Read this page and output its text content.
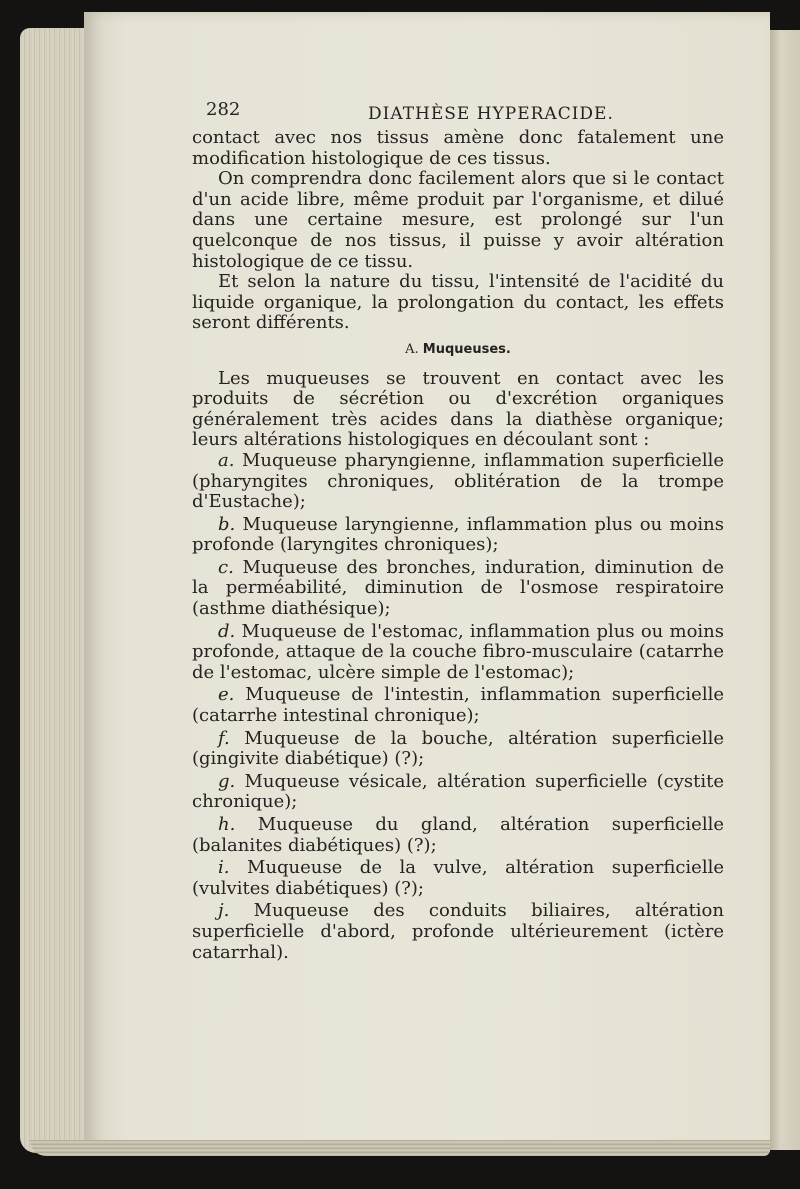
282	DIATHÈSE HYPERACIDE.

contact avec nos tissus amène donc fatalement une modification histologique de ces tissus.

On comprendra donc facilement alors que si le contact d'un acide libre, même produit par l'organisme, et dilué dans une certaine mesure, est prolongé sur l'un quelconque de nos tissus, il puisse y avoir altération histologique de ce tissu.

Et selon la nature du tissu, l'intensité de l'acidité du liquide organique, la prolongation du contact, les effets seront différents.

A. Muqueuses.

Les muqueuses se trouvent en contact avec les produits de sécrétion ou d'excrétion organiques généralement très acides dans la diathèse organique; leurs altérations histologiques en découlant sont :

a. Muqueuse pharyngienne, inflammation superficielle (pharyngites chroniques, oblitération de la trompe d'Eustache);

b. Muqueuse laryngienne, inflammation plus ou moins profonde (laryngites chroniques);

c. Muqueuse des bronches, induration, diminution de la perméabilité, diminution de l'osmose respiratoire (asthme diathésique);

d. Muqueuse de l'estomac, inflammation plus ou moins profonde, attaque de la couche fibro-musculaire (catarrhe de l'estomac, ulcère simple de l'estomac);

e. Muqueuse de l'intestin, inflammation superficielle (catarrhe intestinal chronique);

f. Muqueuse de la bouche, altération superficielle (gingivite diabétique) (?);

g. Muqueuse vésicale, altération superficielle (cystite chronique);

h. Muqueuse du gland, altération superficielle (balanites diabétiques) (?);

i. Muqueuse de la vulve, altération superficielle (vulvites diabétiques) (?);

j. Muqueuse des conduits biliaires, altération superficielle d'abord, profonde ultérieurement (ictère catarrhal).
